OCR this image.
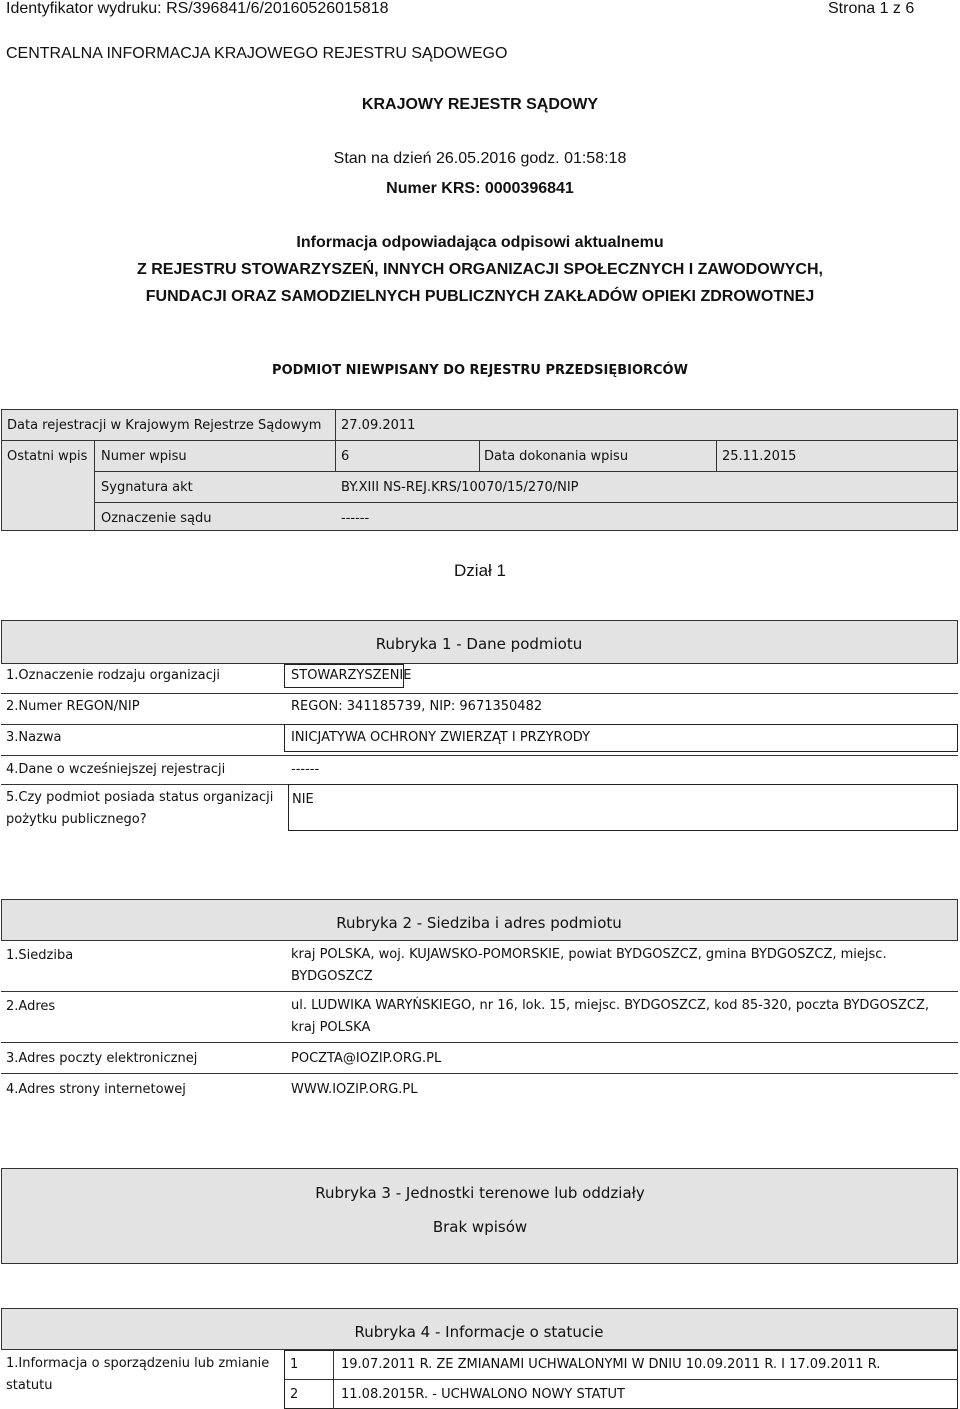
Identyfikator wydruku: RS/396841/6/20160526015818	Strona 1 z 6
CENTRALNA INFORMACJA KRAJOWEGO REJESTRU SĄDOWEGO
KRAJOWY REJESTR SĄDOWY
Stan na dzień 26.05.2016 godz. 01:58:18
Numer KRS: 0000396841
Informacja odpowiadająca odpisowi aktualnemu
Z REJESTRU STOWARZYSZEŃ, INNYCH ORGANIZACJI SPOŁECZNYCH I ZAWODOWYCH,
FUNDACJI ORAZ SAMODZIELNYCH PUBLICZNYCH ZAKŁADÓW OPIEKI ZDROWOTNEJ
PODMIOT NIEWPISANY DO REJESTRU PRZEDSIĘBIORCÓW
Data rejestracji w Krajowym Rejestrze Sądowym 27.09.2011
Ostatni wpis Numer wpisu	6	Data dokonania wpisu	25.11.2015
Sygnatura akt	BY.XIII NS-REJ.KRS/10070/15/270/NIP
Oznaczenie sądu	------
Dział 1
Rubryka 1 - Dane podmiotu
1.Oznaczenie rodzaju organizacji	STOWARZYSZENIE
2.Numer REGON/NIP	REGON: 341185739, NIP: 9671350482
3.Nazwa	INICJATYWA OCHRONY ZWIERZĄT I PRZYRODY
4.Dane o wcześniejszej rejestracji	------
5.Czy podmiot posiada status organizacji pożytku publicznego?
NIE
Rubryka 2 - Siedziba i adres podmiotu
1.Siedziba	kraj POLSKA, woj. KUJAWSKO-POMORSKIE, powiat BYDGOSZCZ, gmina BYDGOSZCZ, miejsc. BYDGOSZCZ
2.Adres	ul. LUDWIKA WARYŃSKIEGO, nr 16, lok. 15, miejsc. BYDGOSZCZ, kod 85-320, poczta BYDGOSZCZ, kraj POLSKA
3.Adres poczty elektronicznej	POCZTA@IOZIP.ORG.PL
4.Adres strony internetowej	WWW.IOZIP.ORG.PL
Rubryka 3 - Jednostki terenowe lub oddziały
Brak wpisów
Rubryka 4 - Informacje o statucie
1.Informacja o sporządzeniu lub zmianie statutu
1	19.07.2011 R. ZE ZMIANAMI UCHWALONYMI W DNIU 10.09.2011 R. I 17.09.2011 R.
2	11.08.2015R. - UCHWALONO NOWY STATUT
